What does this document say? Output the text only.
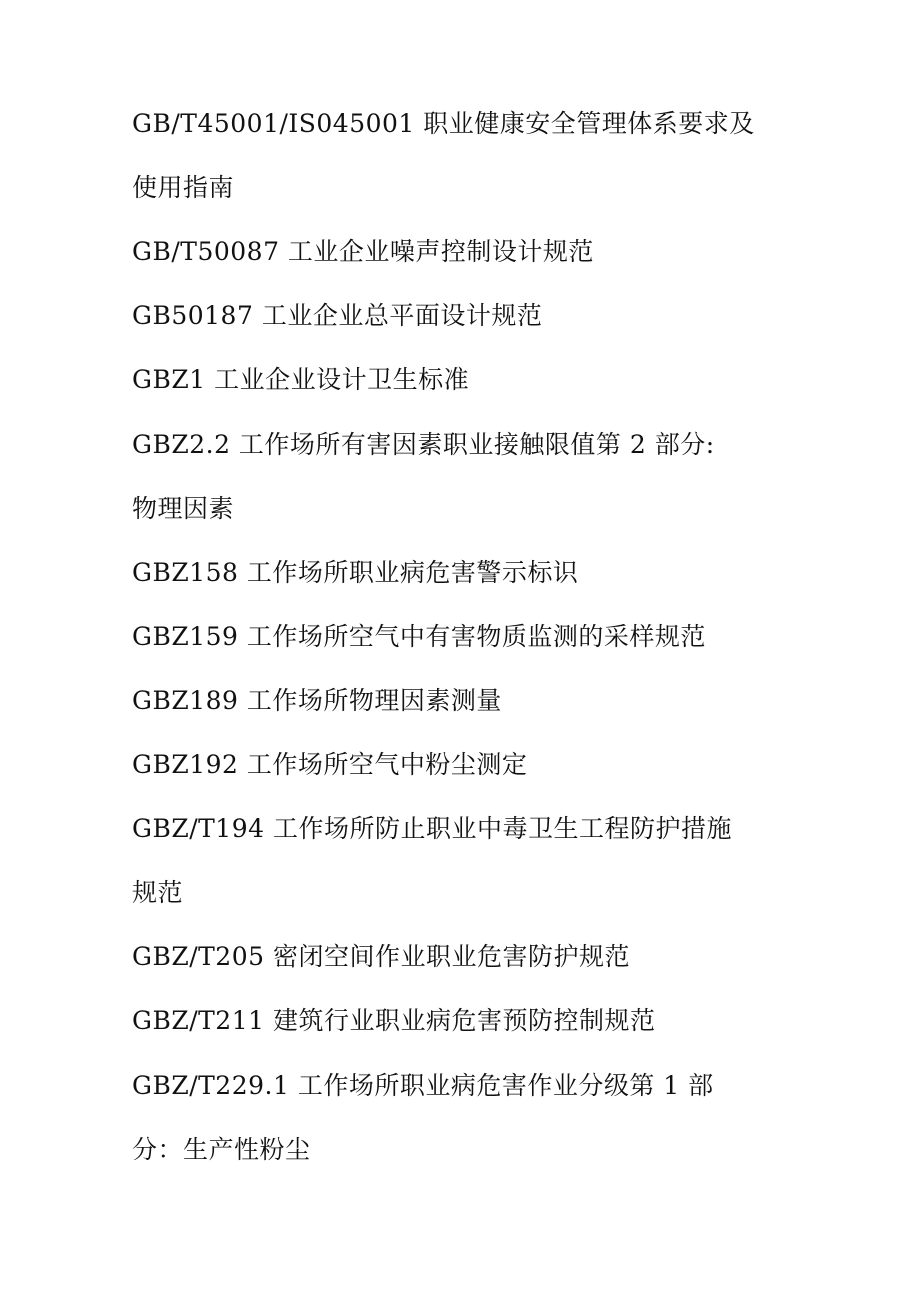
GB/T45001/IS045001 职业健康安全管理体系要求及
使用指南
GB/T50087 工业企业噪声控制设计规范
GB50187 工业企业总平面设计规范
GBZ1 工业企业设计卫生标准
GBZ2.2 工作场所有害因素职业接触限值第 2 部分:
物理因素
GBZ158 工作场所职业病危害警示标识
GBZ159 工作场所空气中有害物质监测的采样规范
GBZ189 工作场所物理因素测量
GBZ192 工作场所空气中粉尘测定
GBZ/T194 工作场所防止职业中毒卫生工程防护措施
规范
GBZ/T205 密闭空间作业职业危害防护规范
GBZ/T211 建筑行业职业病危害预防控制规范
GBZ/T229.1 工作场所职业病危害作业分级第 1 部
分：生产性粉尘
